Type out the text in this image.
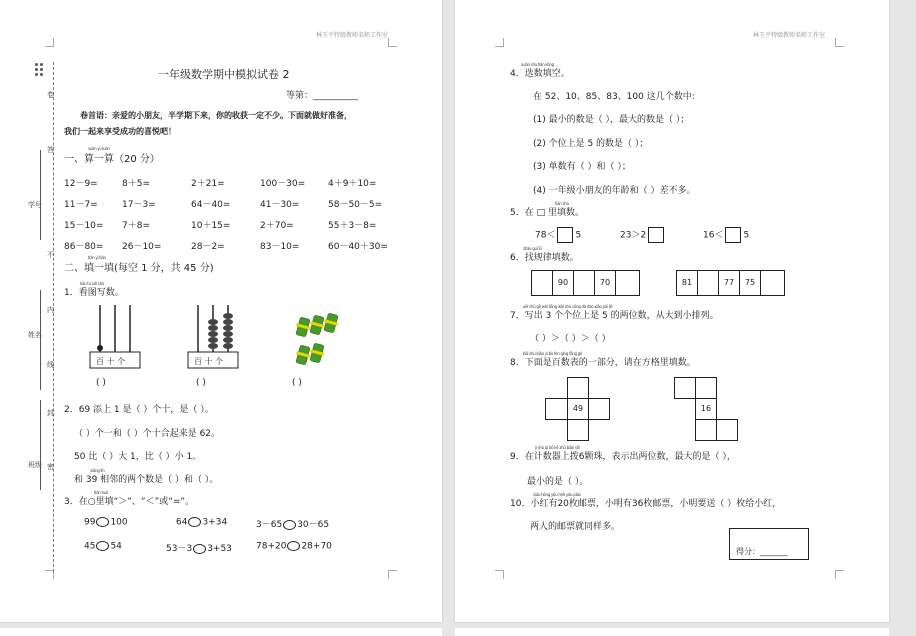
林玉平特级教师名师工作室
卷
答
学号
不
内
姓名
线
封
班级 密
一年级数学期中模拟试卷 2
等第：__________
卷首语：亲爱的小朋友，半学期下来，你的收获一定不少。下面就做好准备，
我们一起来享受成功的喜悦吧！
suàn yi suàn
一、算一算（20 分）
12－9=	8＋5=	2＋21=	100－30=	4＋9＋10=
11－7=	17－3=	64－40=	41－30=	58－50－5=
15－10= 7＋8=	10＋15=	2＋70=	55＋3－8=
86－80= 26－10=	28－2=	83－10=	60－40＋30=
tián yi tián
二、填一填(每空 1 分，共 45 分)
kàn tú xiě shù
1．看图写数。
百 十 个	百 十 个
( )	( )	( )
2．69 添上 1 是（ ）个十，是（ ）。
（ ）个一和（ ）个十合起来是 62。
50 比（ ）大 1，比（ ）小 1。
xiāng lín
和 39 相邻的两个数是（ ）和（ ）。
tián huò
3．在○里填“＞”、“＜”或“=”。
99 100	64 3+34	3－65 30－65
45 54	53－3 3+53	78+20 28+70
林玉平特级教师名师工作室
xuǎn shù tián kòng
4．选数填空。
在 52、10、85、83、100 这几个数中:
(1) 最小的数是（ ），最大的数是（ ）；
(2) 个位上是 5 的数是（ ）；
(3) 单数有（ ）和（ ）；
(4) 一年级小朋友的年龄和（ ）差不多。
tián shù
5．在 □ 里填数。
78＜ 5	23＞2	16＜ 5
zhǎo guī lǜ
6．找规律填数。
90	70	81	77	75
xiě chū gè wèi liǎng wèi shù cóng dà dào xiǎo pái liè
7．写出 3 个个位上是 5 的两位数，从大到小排列。
（ ）＞（ ）＞（ ）
bǎi shù biǎo yí bù fen qǐng fāng gé
8．下面是百数表的一部分，请在方格里填数。
49	16
jì shù qì bō kē zhū biǎo shì
9．在计数器上拨6颗珠，表示出两位数，最大的是（ ），
最小的是（ ）。
xiǎo hóng yǒu méi yóu piào
10．小红有20枚邮票，小明有36枚邮票，小明要送（ ）枚给小红，
两人的邮票就同样多。
得分：_______
